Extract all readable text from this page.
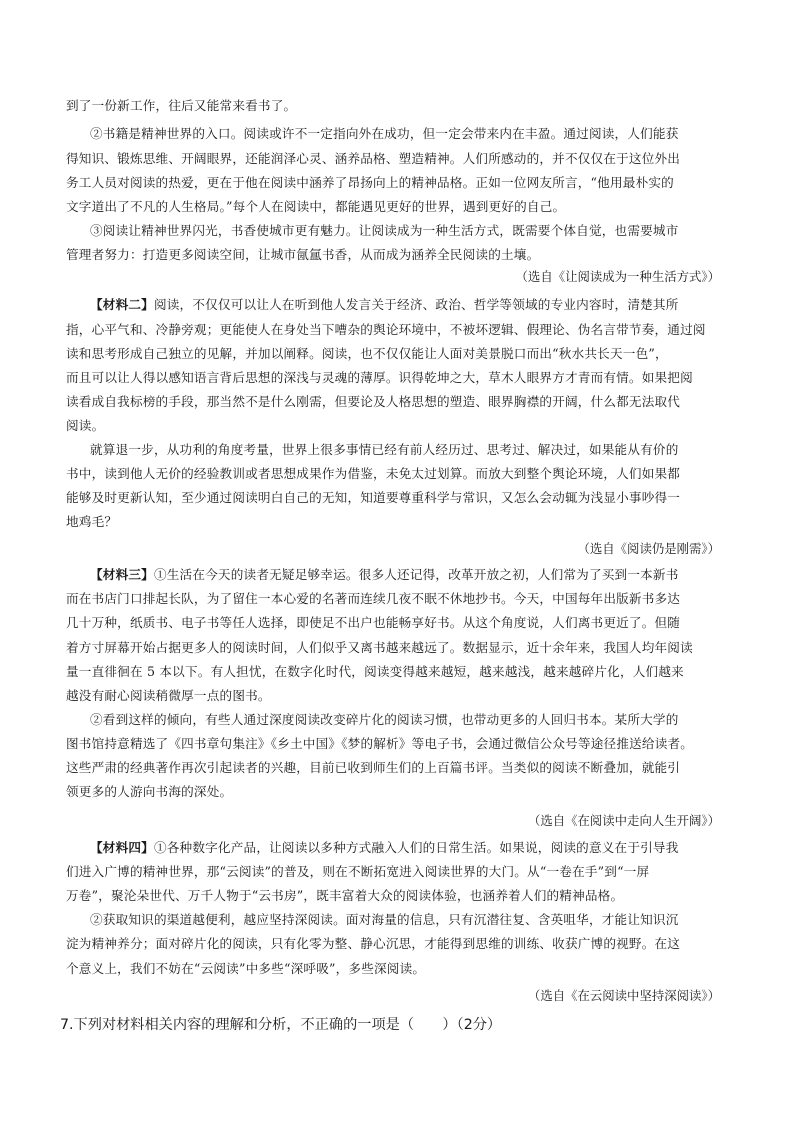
到了一份新工作，往后又能常来看书了。
②书籍是精神世界的入口。阅读或许不一定指向外在成功，但一定会带来内在丰盈。通过阅读，人们能获
得知识、锻炼思维、开阔眼界，还能润泽心灵、涵养品格、塑造精神。人们所感动的，并不仅仅在于这位外出
务工人员对阅读的热爱，更在于他在阅读中涵养了昂扬向上的精神品格。正如一位网友所言，“他用最朴实的
文字道出了不凡的人生格局。”每个人在阅读中，都能遇见更好的世界，遇到更好的自己。
③阅读让精神世界闪光，书香使城市更有魅力。让阅读成为一种生活方式，既需要个体自觉，也需要城市
管理者努力：打造更多阅读空间，让城市氤氲书香，从而成为涵养全民阅读的土壤。
（选自《让阅读成为一种生活方式》）
【材料二】阅读，不仅仅可以让人在听到他人发言关于经济、政治、哲学等领域的专业内容时，清楚其所
指，心平气和、冷静旁观；更能使人在身处当下嘈杂的舆论环境中，不被坏逻辑、假理论、伪名言带节奏，通过阅
读和思考形成自己独立的见解，并加以阐释。阅读，也不仅仅能让人面对美景脱口而出“秋水共长天一色”，
而且可以让人得以感知语言背后思想的深浅与灵魂的薄厚。识得乾坤之大，草木人眼界方才青而有情。如果把阅
读看成自我标榜的手段，那当然不是什么刚需，但要论及人格思想的塑造、眼界胸襟的开阔，什么都无法取代
阅读。
就算退一步，从功利的角度考量，世界上很多事情已经有前人经历过、思考过、解决过，如果能从有价的
书中，读到他人无价的经验教训或者思想成果作为借鉴，未免太过划算。而放大到整个舆论环境，人们如果都
能够及时更新认知，至少通过阅读明白自己的无知，知道要尊重科学与常识，又怎么会动辄为浅显小事吵得一
地鸡毛？
（选自《阅读仍是刚需》）
【材料三】①生活在今天的读者无疑足够幸运。很多人还记得，改革开放之初，人们常为了买到一本新书
而在书店门口排起长队，为了留住一本心爱的名著而连续几夜不眠不休地抄书。今天，中国每年出版新书多达
几十万种，纸质书、电子书等任人选择，即使足不出户也能畅享好书。从这个角度说，人们离书更近了。但随
着方寸屏幕开始占据更多人的阅读时间，人们似乎又离书越来越远了。数据显示，近十余年来，我国人均年阅读
量一直徘徊在 5 本以下。有人担忧，在数字化时代，阅读变得越来越短，越来越浅，越来越碎片化，人们越来
越没有耐心阅读稍微厚一点的图书。
②看到这样的倾向，有些人通过深度阅读改变碎片化的阅读习惯，也带动更多的人回归书本。某所大学的
图书馆持意精选了《四书章句集注》《乡土中国》《梦的解析》等电子书，会通过微信公众号等途径推送给读者。
这些严肃的经典著作再次引起读者的兴趣，目前已收到师生们的上百篇书评。当类似的阅读不断叠加，就能引
领更多的人游向书海的深处。
（选自《在阅读中走向人生开阔》）
【材料四】①各种数字化产品，让阅读以多种方式融入人们的日常生活。如果说，阅读的意义在于引导我
们进入广博的精神世界，那“云阅读”的普及，则在不断拓宽进入阅读世界的大门。从“一卷在手”到“一屏
万卷”，聚沦朵世代、万千人物于“云书房”，既丰富着大众的阅读体验，也涵养着人们的精神品格。
②获取知识的渠道越便利，越应坚持深阅读。面对海量的信息，只有沉潜往复、含英咀华，才能让知识沉
淀为精神养分；面对碎片化的阅读，只有化零为整、静心沉思，才能得到思维的训练、收获广博的视野。在这
个意义上，我们不妨在“云阅读”中多些“深呼吸”，多些深阅读。
（选自《在云阅读中坚持深阅读》）
7.下列对材料相关内容的理解和分析，不正确的一项是（　　）（2分）
